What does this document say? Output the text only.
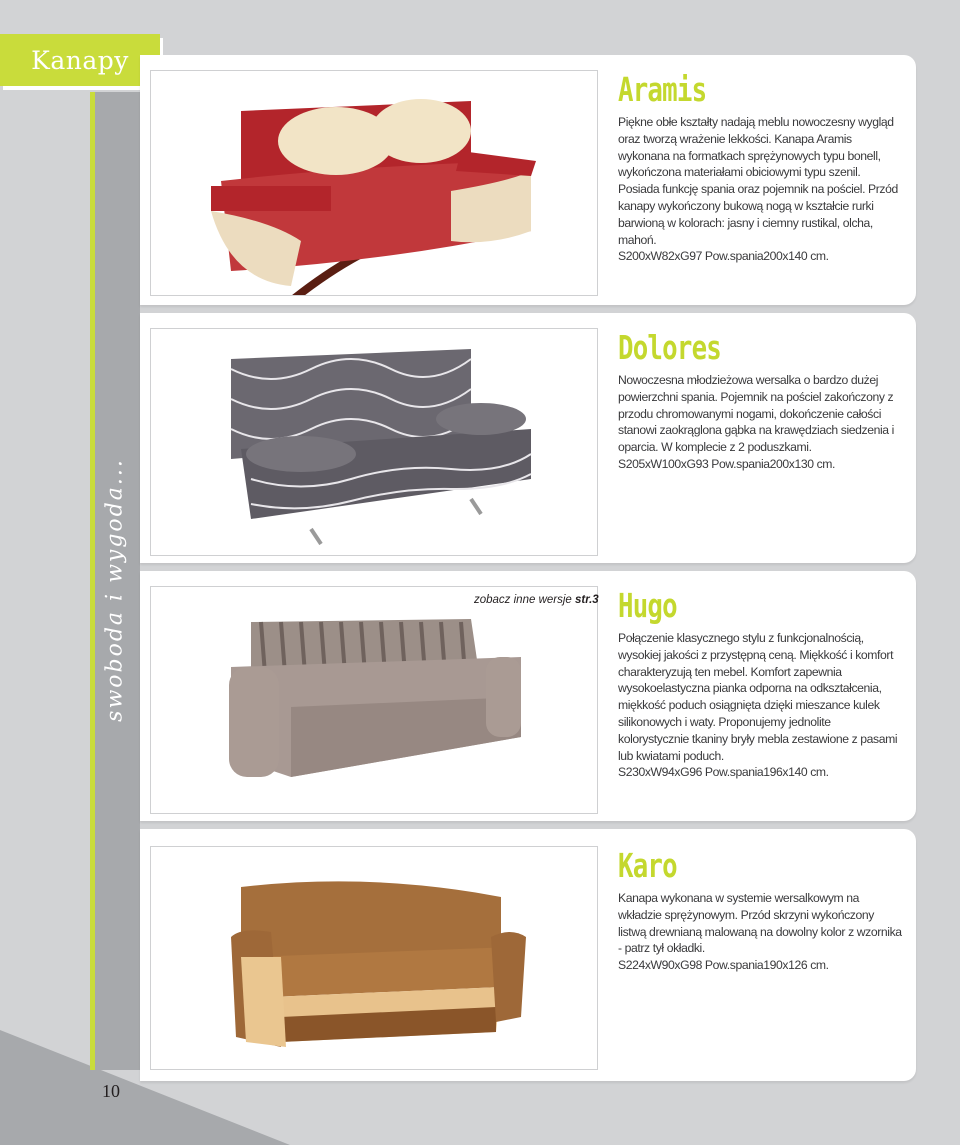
Kanapy
swoboda i wygoda...
10
Aramis
Piękne obłe kształty nadają meblu nowoczesny wygląd oraz tworzą wrażenie lekkości. Kanapa Aramis wykonana na formatkach sprężynowych typu bonell, wykończona materiałami obiciowymi typu szenil. Posiada funkcję spania oraz pojemnik na pościel. Przód kanapy wykończony bukową nogą w kształcie rurki barwioną w kolorach: jasny i ciemny rustikal, olcha, mahoń.
S200xW82xG97 Pow.spania200x140 cm.
Dolores
Nowoczesna młodzieżowa wersalka o bardzo dużej powierzchni spania. Pojemnik na pościel zakończony z przodu chromowanymi nogami, dokończenie całości stanowi zaokrąglona gąbka na krawędziach siedzenia i oparcia. W komplecie z 2 poduszkami.
S205xW100xG93 Pow.spania200x130 cm.
Hugo
Połączenie klasycznego stylu z funkcjonalnością, wysokiej jakości z przystępną ceną. Miękkość i komfort charakteryzują ten mebel. Komfort zapewnia wysokoelastyczna pianka odporna na odkształcenia, miękkość poduch osiągnięta dzięki mieszance kulek silikonowych i waty. Proponujemy jednolite kolorystycznie tkaniny bryły mebla zestawione z pasami lub kwiatami poduch.
S230xW94xG96 Pow.spania196x140 cm.
zobacz inne wersje str.3
Karo
Kanapa wykonana w systemie wersalkowym na wkładzie sprężynowym. Przód skrzyni wykończony listwą drewnianą malowaną na dowolny kolor z wzornika - patrz tył okładki.
S224xW90xG98 Pow.spania190x126 cm.
